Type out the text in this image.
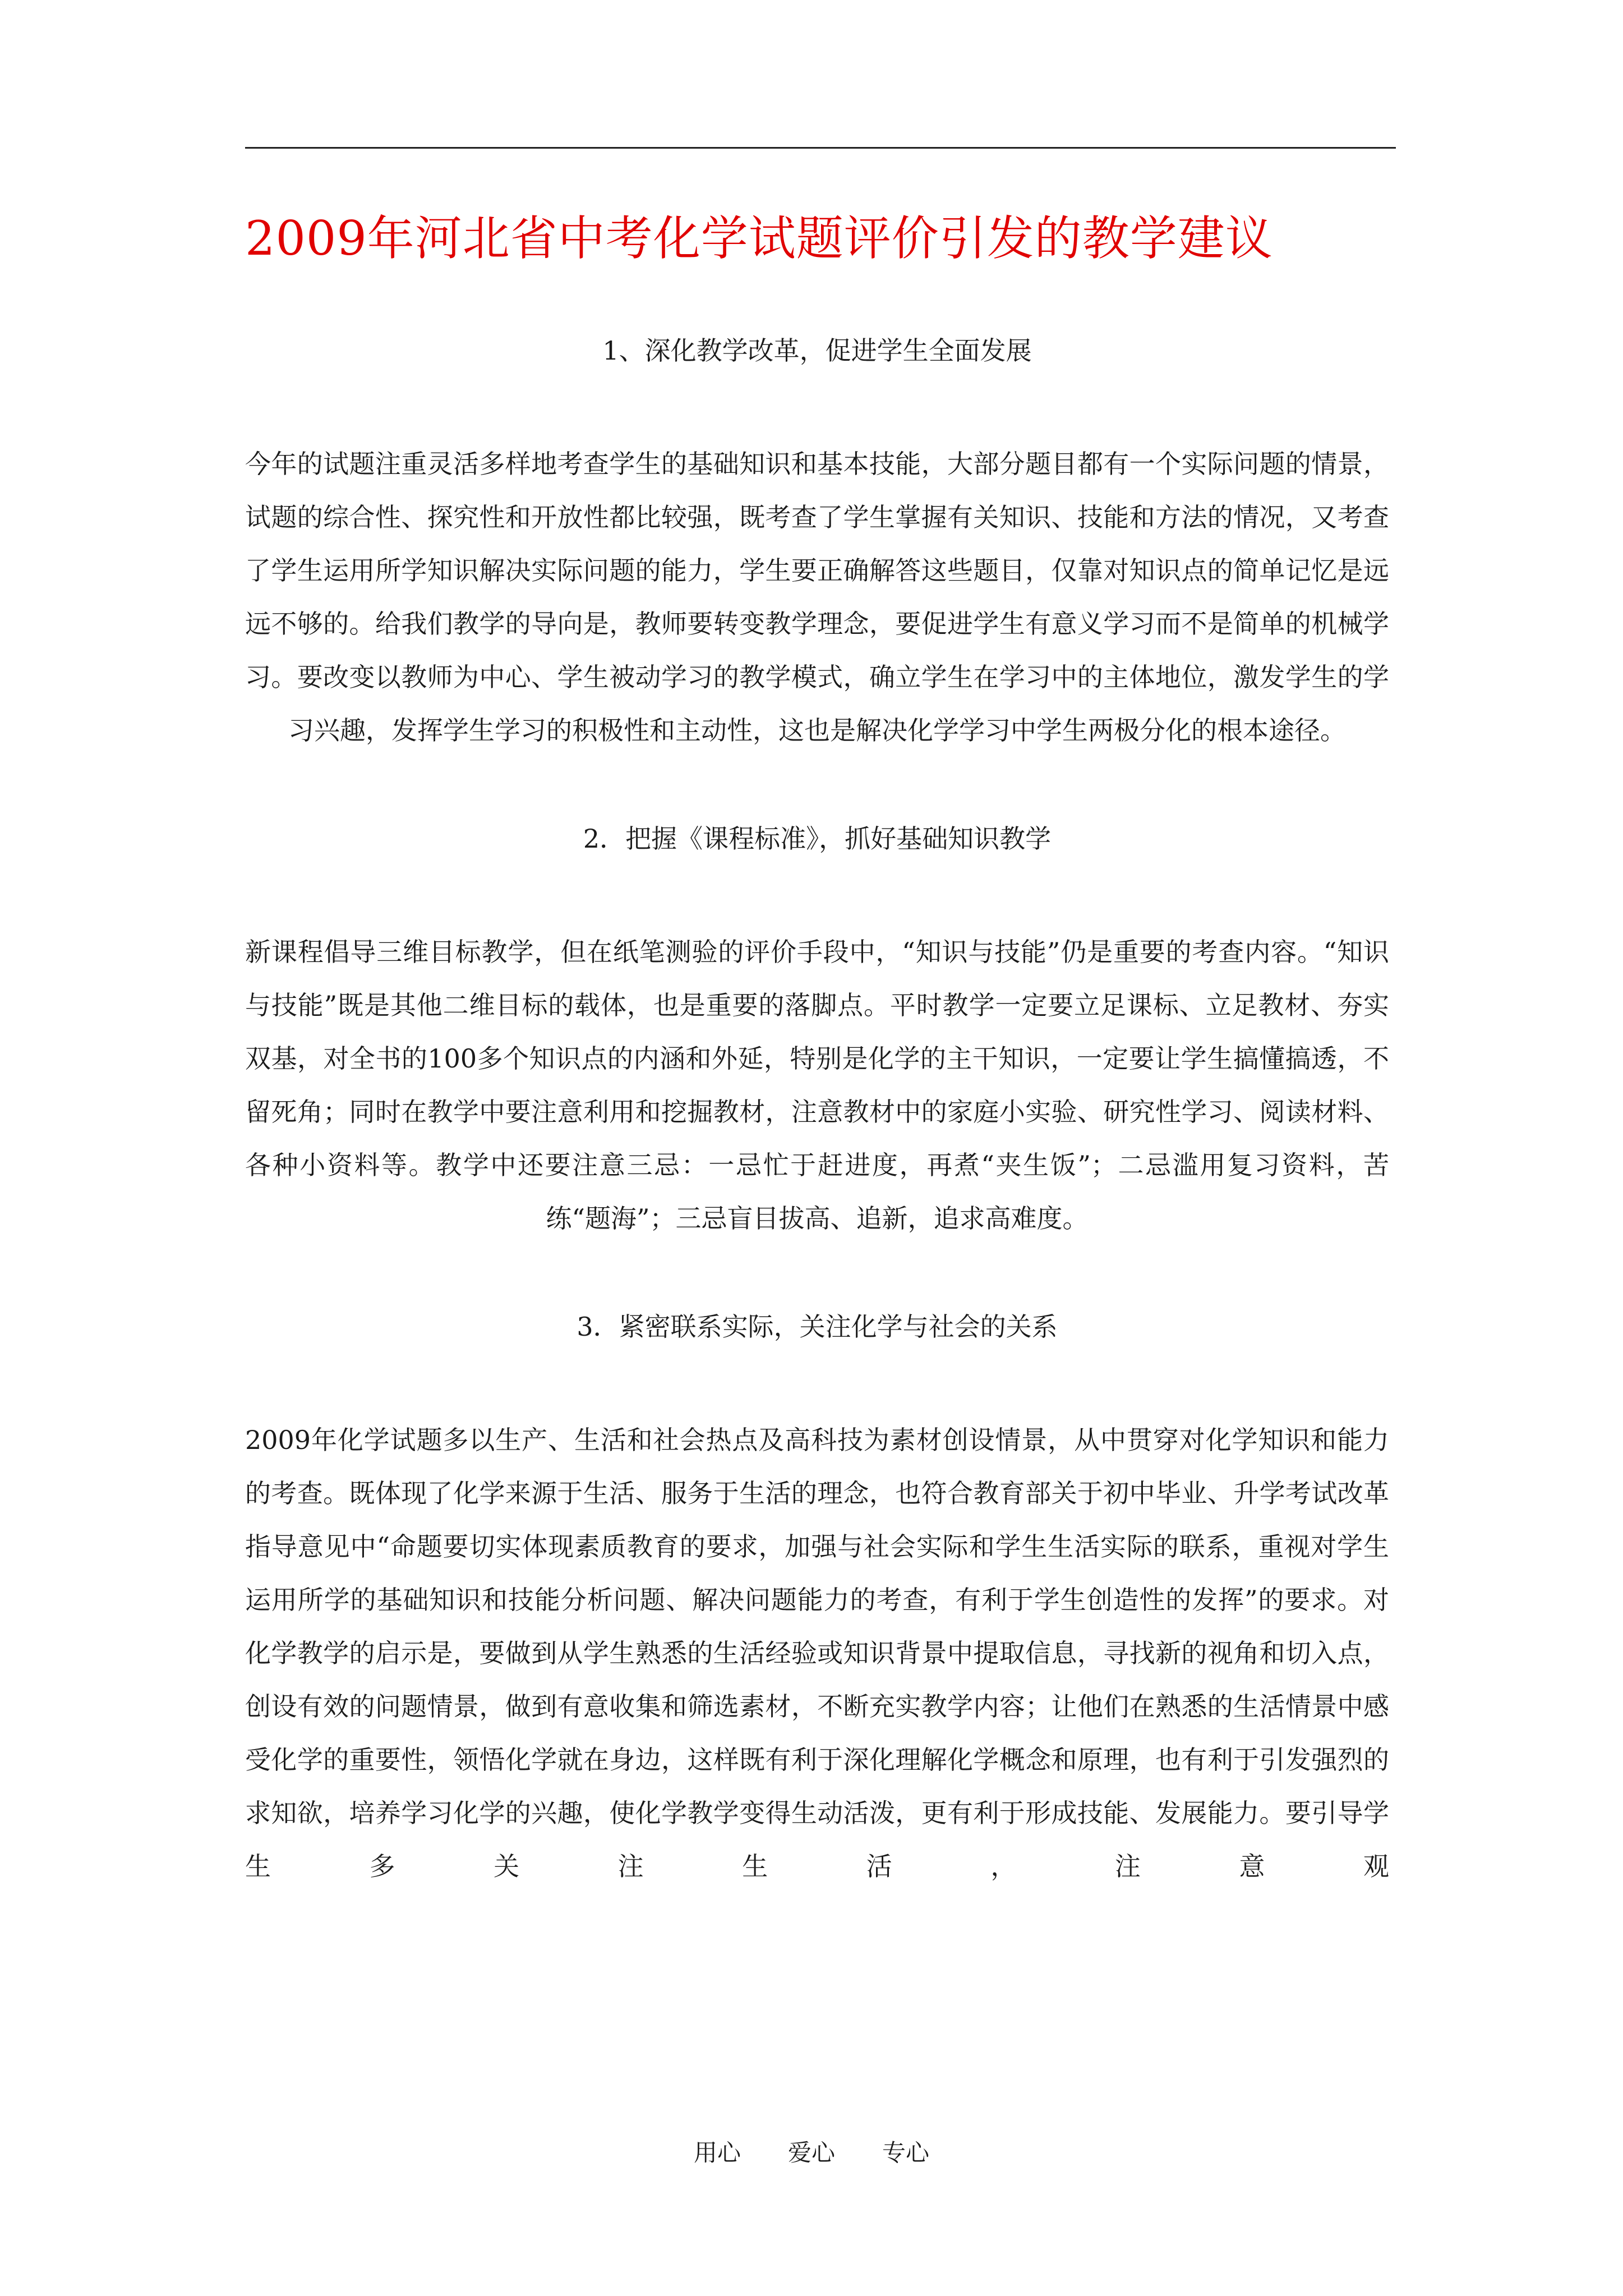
2009年河北省中考化学试题评价引发的教学建议
1、深化教学改革，促进学生全面发展

今年的试题注重灵活多样地考查学生的基础知识和基本技能，大部分题目都有一个实际问题的情景，试题的综合性、探究性和开放性都比较强，既考查了学生掌握有关知识、技能和方法的情况，又考查了学生运用所学知识解决实际问题的能力，学生要正确解答这些题目，仅靠对知识点的简单记忆是远远不够的。给我们教学的导向是，教师要转变教学理念，要促进学生有意义学习而不是简单的机械学习。要改变以教师为中心、学生被动学习的教学模式，确立学生在学习中的主体地位，激发学生的学习兴趣，发挥学生学习的积极性和主动性，这也是解决化学学习中学生两极分化的根本途径。

2．把握《课程标准》，抓好基础知识教学

新课程倡导三维目标教学，但在纸笔测验的评价手段中，“知识与技能”仍是重要的考查内容。“知识与技能”既是其他二维目标的载体，也是重要的落脚点。平时教学一定要立足课标、立足教材、夯实双基，对全书的100多个知识点的内涵和外延，特别是化学的主干知识，一定要让学生搞懂搞透，不留死角；同时在教学中要注意利用和挖掘教材，注意教材中的家庭小实验、研究性学习、阅读材料、各种小资料等。教学中还要注意三忌：一忌忙于赶进度，再煮“夹生饭”；二忌滥用复习资料，苦练“题海”；三忌盲目拔高、追新，追求高难度。

3．紧密联系实际，关注化学与社会的关系

2009年化学试题多以生产、生活和社会热点及高科技为素材创设情景，从中贯穿对化学知识和能力的考查。既体现了化学来源于生活、服务于生活的理念，也符合教育部关于初中毕业、升学考试改革指导意见中“命题要切实体现素质教育的要求，加强与社会实际和学生生活实际的联系，重视对学生运用所学的基础知识和技能分析问题、解决问题能力的考查，有利于学生创造性的发挥”的要求。对化学教学的启示是，要做到从学生熟悉的生活经验或知识背景中提取信息，寻找新的视角和切入点，创设有效的问题情景，做到有意收集和筛选素材，不断充实教学内容；让他们在熟悉的生活情景中感受化学的重要性，领悟化学就在身边，这样既有利于深化理解化学概念和原理，也有利于引发强烈的求知欲，培养学习化学的兴趣，使化学教学变得生动活泼，更有利于形成技能、发展能力。要引导学生多关注生活，注意观

用心　　爱心　　专心
